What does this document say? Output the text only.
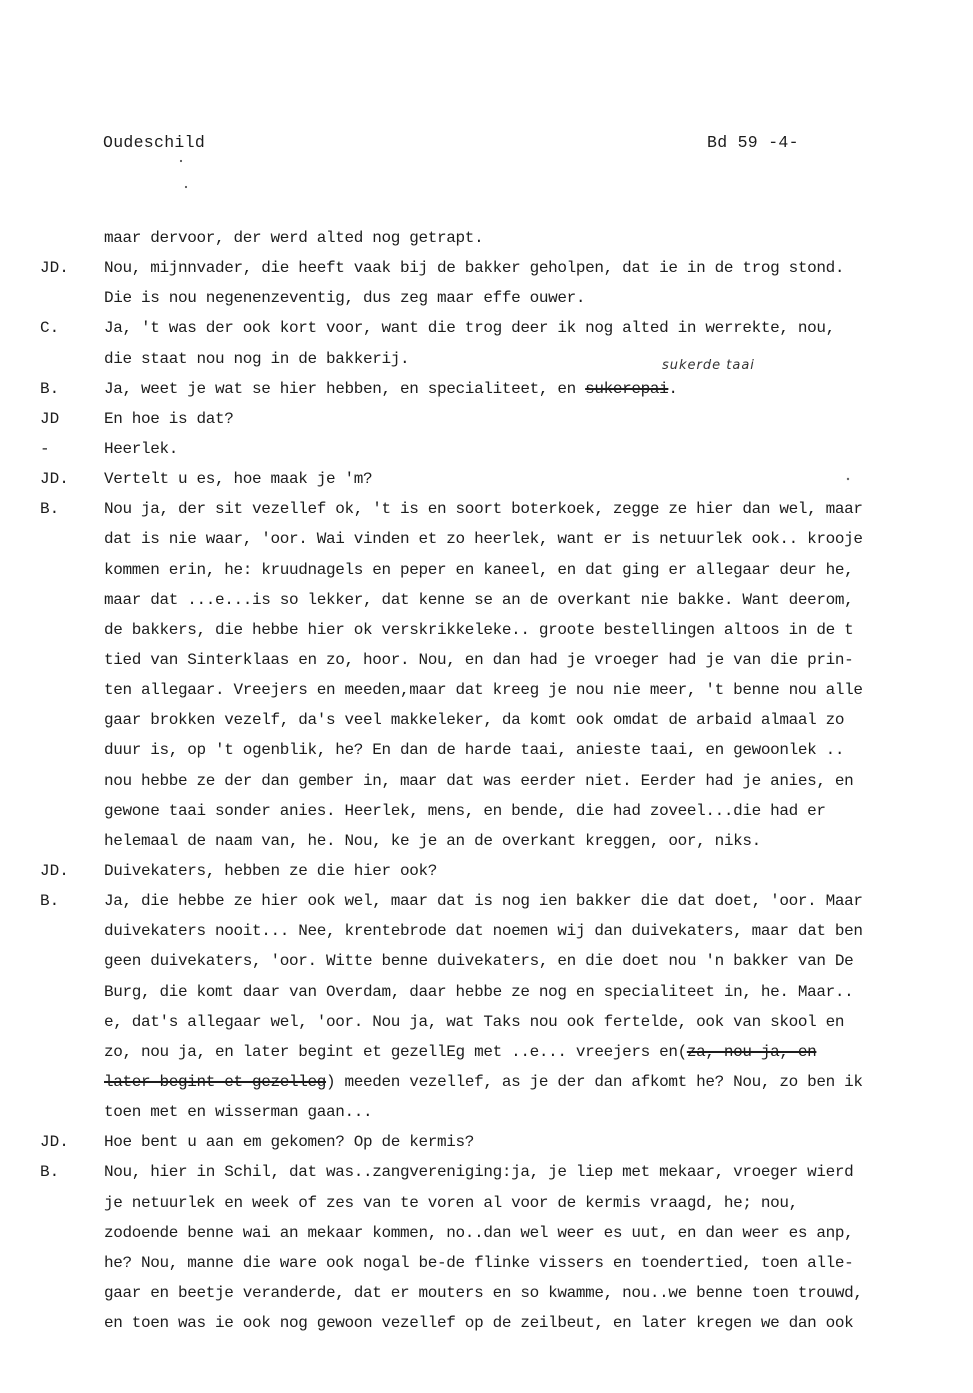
Oudeschild	Bd 59 -4-
maar dervoor, der werd alted nog getrapt.
JD. Nou, mijnnvader, die heeft vaak bij de bakker geholpen, dat ie in de trog stond.
Die is nou negenenzeventig, dus zeg maar effe ouwer.
C.	Ja, 't was der ook kort voor, want die trog deer ik nog alted in werrekte, nou,
die staat nou nog in de bakkerij.
B.
sukerde taai
Ja, weet je wat se hier hebben, en specialiteet, en sukerepai.
JD	En hoe is dat?
-	Heerlek.
JD. Vertelt u es, hoe maak je 'm?
B.	Nou ja, der sit vezellef ok, 't is en soort boterkoek, zegge ze hier dan wel, maar
dat is nie waar, 'oor. Wai vinden et zo heerlek, want er is netuurlek ook.. krooje
kommen erin, he: kruudnagels en peper en kaneel, en dat ging er allegaar deur he,
maar dat ...e...is so lekker, dat kenne se an de overkant nie bakke. Want deerom,
de bakkers, die hebbe hier ok verskrikkeleke.. groote bestellingen altoos in de t
tied van Sinterklaas en zo, hoor. Nou, en dan had je vroeger had je van die prin-
ten allegaar. Vreejers en meeden,maar dat kreeg je nou nie meer, 't benne nou alle
gaar brokken vezelf, da's veel makkeleker, da komt ook omdat de arbaid almaal zo
duur is, op 't ogenblik, he? En dan de harde taai, anieste taai, en gewoonlek ..
nou hebbe ze der dan gember in, maar dat was eerder niet. Eerder had je anies, en
gewone taai sonder anies. Heerlek, mens, en bende, die had zoveel...die had er
helemaal de naam van, he. Nou, ke je an de overkant kreggen, oor, niks.
JD. Duivekaters, hebben ze die hier ook?
B.	Ja, die hebbe ze hier ook wel, maar dat is nog ien bakker die dat doet, 'oor. Maar
duivekaters nooit... Nee, krentebrode dat noemen wij dan duivekaters, maar dat ben
geen duivekaters, 'oor. Witte benne duivekaters, en die doet nou 'n bakker van De
Burg, die komt daar van Overdam, daar hebbe ze nog en specialiteet in, he. Maar..
e, dat's allegaar wel, 'oor. Nou ja, wat Taks nou ook fertelde, ook van skool en
zo, nou ja, en later begint et gezellEg met ..e... vreejers en(za, nou ja, en
later begint et gezelleg) meeden vezellef, as je der dan afkomt he? Nou, zo ben ik
toen met en wisserman gaan...
JD. Hoe bent u aan em gekomen? Op de kermis?
B.	Nou, hier in Schil, dat was..zangvereniging:ja, je liep met mekaar, vroeger wierd
je netuurlek en week of zes van te voren al voor de kermis vraagd, he; nou,
zodoende benne wai an mekaar kommen, no..dan wel weer es uut, en dan weer es anp,
he? Nou, manne die ware ook nogal be-de flinke vissers en toendertied, toen alle-
gaar en beetje veranderde, dat er mouters en so kwamme, nou..we benne toen trouwd,
en toen was ie ook nog gewoon vezellef op de zeilbeut, en later kregen we dan ook
